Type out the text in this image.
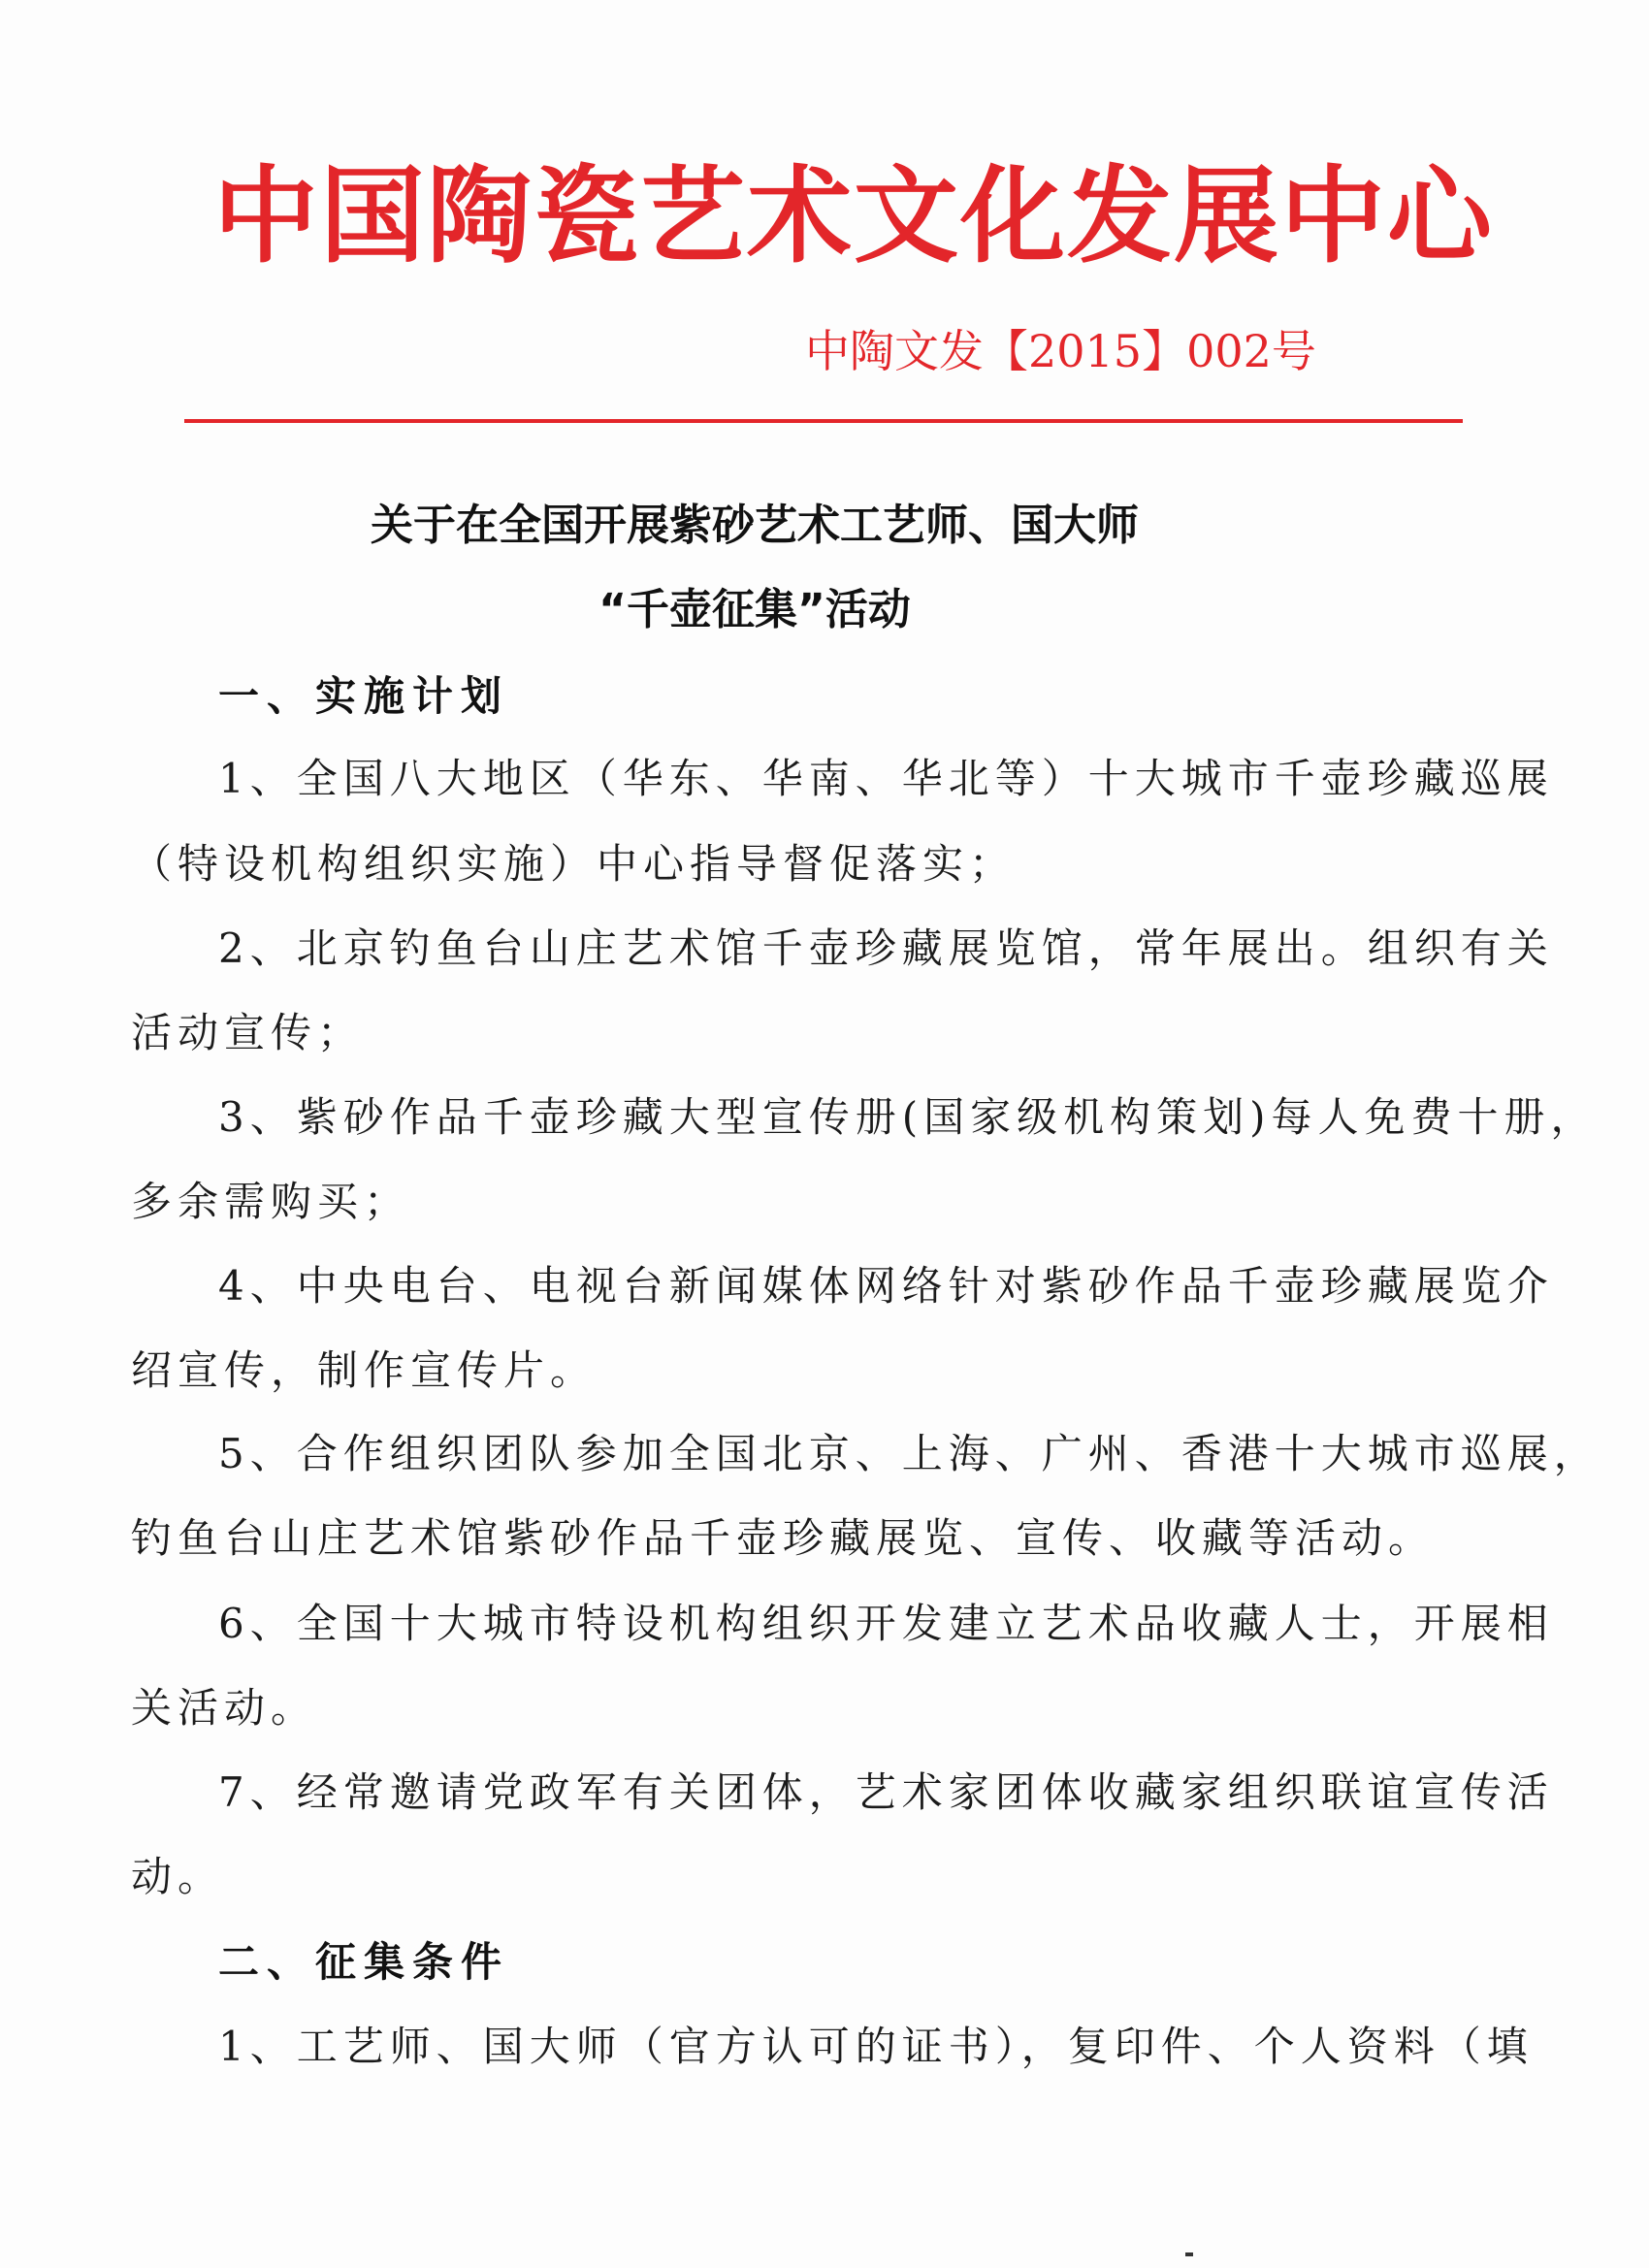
中国陶瓷艺术文化发展中心
中陶文发【2015】002号
关于在全国开展紫砂艺术工艺师、国大师
“千壶征集”活动
一、实施计划
1、全国八大地区（华东、华南、华北等）十大城市千壶珍藏巡展
（特设机构组织实施）中心指导督促落实；
2、北京钓鱼台山庄艺术馆千壶珍藏展览馆，常年展出。组织有关
活动宣传；
3、紫砂作品千壶珍藏大型宣传册(国家级机构策划)每人免费十册，
多余需购买；
4、中央电台、电视台新闻媒体网络针对紫砂作品千壶珍藏展览介
绍宣传，制作宣传片。
5、合作组织团队参加全国北京、上海、广州、香港十大城市巡展，
钓鱼台山庄艺术馆紫砂作品千壶珍藏展览、宣传、收藏等活动。
6、全国十大城市特设机构组织开发建立艺术品收藏人士，开展相
关活动。
7、经常邀请党政军有关团体，艺术家团体收藏家组织联谊宣传活
动。
二、征集条件
1、工艺师、国大师（官方认可的证书），复印件、个人资料（填
